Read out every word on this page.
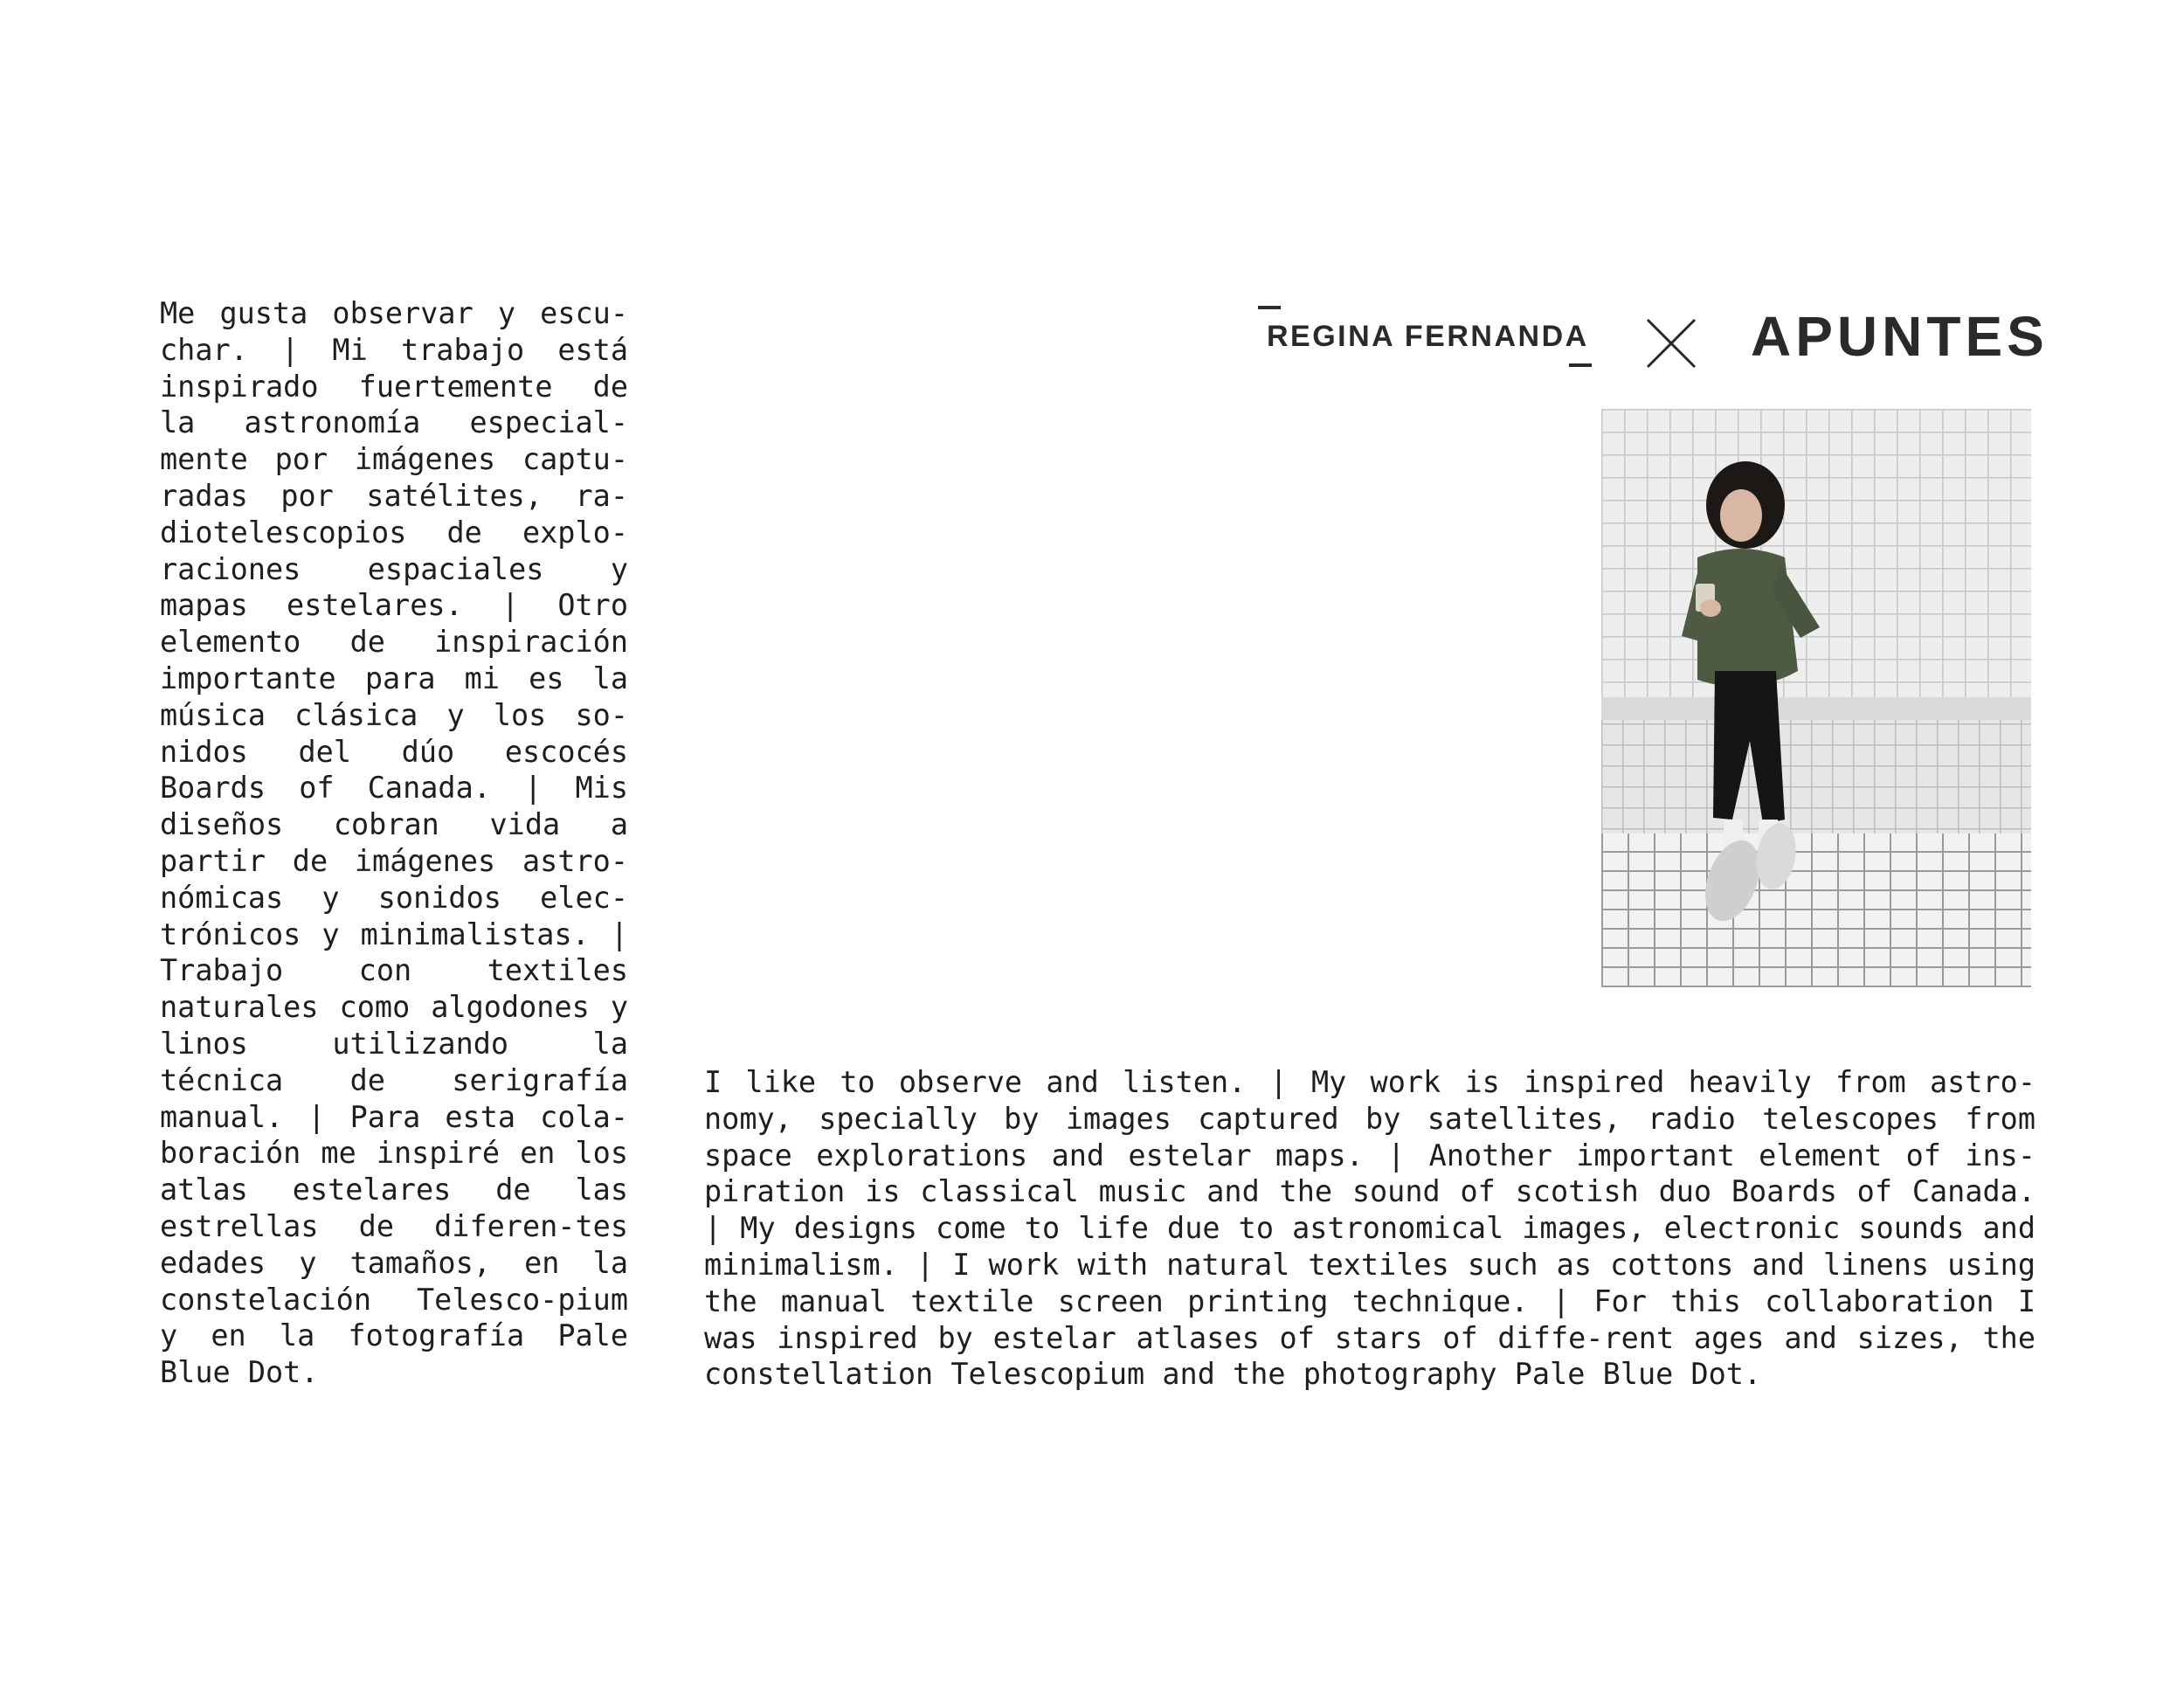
Me gusta observar y escu-char. | Mi trabajo está inspirado fuertemente de la astronomía especial-mente por imágenes captu-radas por satélites, ra-diotelescopios de explo-raciones espaciales y mapas estelares. | Otro elemento de inspiración importante para mi es la música clásica y los so-nidos del dúo escocés Boards of Canada. | Mis diseños cobran vida a partir de imágenes astro-nómicas y sonidos elec-trónicos y minimalistas. | Trabajo con textiles naturales como algodones y linos utilizando la técnica de serigrafía manual. | Para esta cola-boración me inspiré en los atlas estelares de las estrellas de diferen-tes edades y tamaños, en la constelación Telesco-pium y en la fotografía Pale Blue Dot.

REGINA FERNANDA	APUNTES

I like to observe and listen. | My work is inspired heavily from astro-nomy, specially by images captured by satellites, radio telescopes from space explorations and estelar maps. | Another important element of ins-piration is classical music and the sound of scotish duo Boards of Canada. | My designs come to life due to astronomical images, electronic sounds and minimalism. | I work with natural textiles such as cottons and linens using the manual textile screen printing technique. | For this collaboration I was inspired by estelar atlases of stars of diffe-rent ages and sizes, the constellation Telescopium and the photography Pale Blue Dot.
